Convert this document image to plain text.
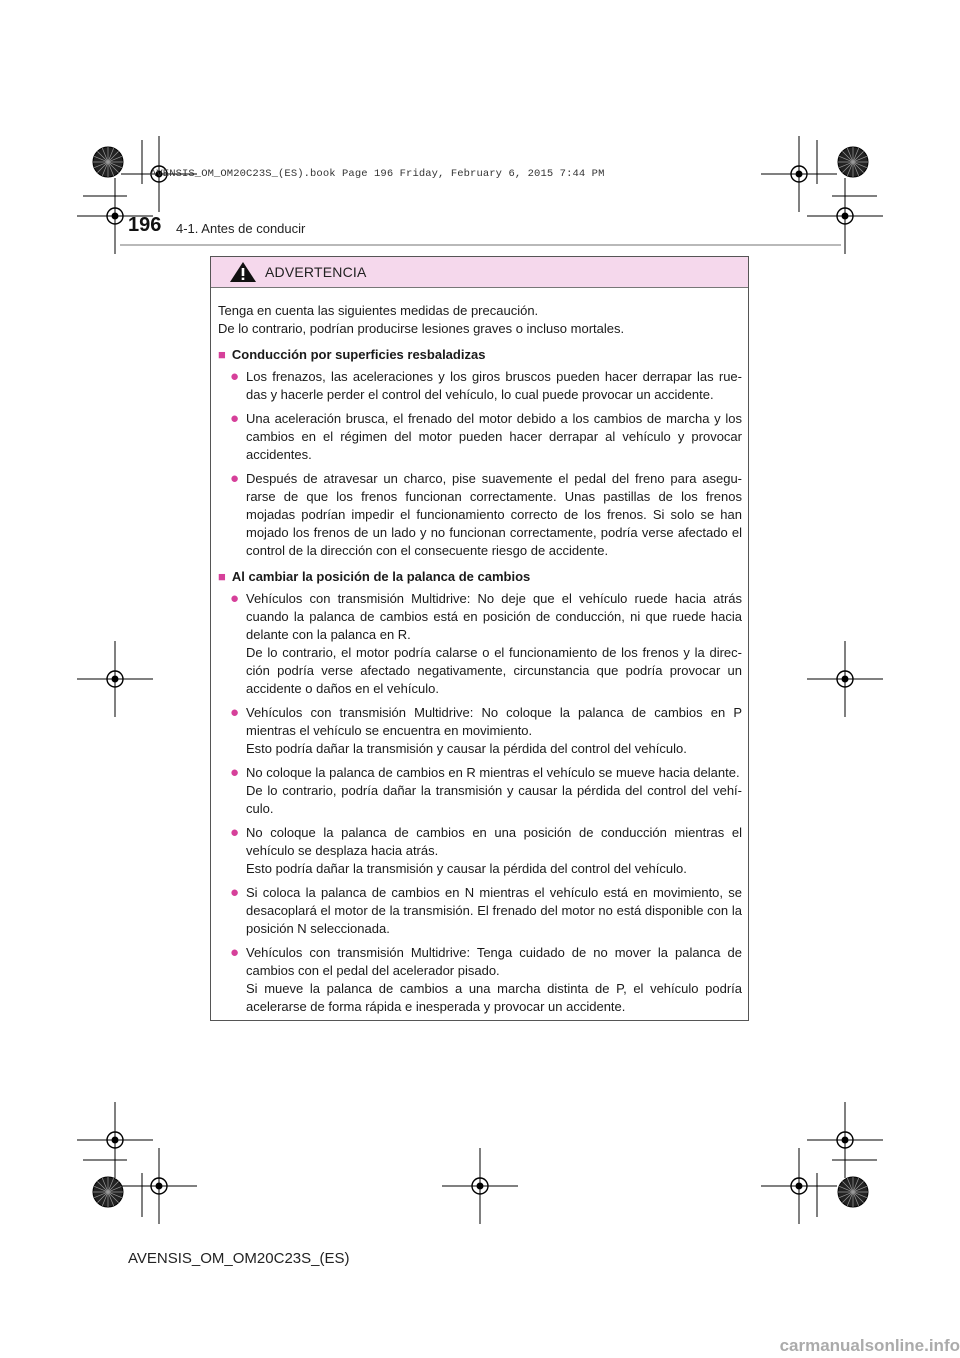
AVENSIS_OM_OM20C23S_(ES).book Page 196 Friday, February 6, 2015 7:44 PM
196 4-1. Antes de conducir
ADVERTENCIA

Tenga en cuenta las siguientes medidas de precaución.

De lo contrario, podrían producirse lesiones graves o incluso mortales.

■ Conducción por superficies resbaladizas
● Los frenazos, las aceleraciones y los giros bruscos pueden hacer derrapar las rue-das y hacerle perder el control del vehículo, lo cual puede provocar un accidente.
● Una aceleración brusca, el frenado del motor debido a los cambios de marcha y los cambios en el régimen del motor pueden hacer derrapar al vehículo y provocar accidentes.
● Después de atravesar un charco, pise suavemente el pedal del freno para asegu-rarse de que los frenos funcionan correctamente. Unas pastillas de los frenos mojadas podrían impedir el funcionamiento correcto de los frenos. Si solo se han mojado los frenos de un lado y no funcionan correctamente, podría verse afectado el control de la dirección con el consecuente riesgo de accidente.
■ Al cambiar la posición de la palanca de cambios
● Vehículos con transmisión Multidrive: No deje que el vehículo ruede hacia atrás cuando la palanca de cambios está en posición de conducción, ni que ruede hacia delante con la palanca en R.
De lo contrario, el motor podría calarse o el funcionamiento de los frenos y la direc-ción podría verse afectado negativamente, circunstancia que podría provocar un accidente o daños en el vehículo.
● Vehículos con transmisión Multidrive: No coloque la palanca de cambios en P mientras el vehículo se encuentra en movimiento.
Esto podría dañar la transmisión y causar la pérdida del control del vehículo.
● No coloque la palanca de cambios en R mientras el vehículo se mueve hacia delante.
De lo contrario, podría dañar la transmisión y causar la pérdida del control del vehí-culo.
● No coloque la palanca de cambios en una posición de conducción mientras el vehículo se desplaza hacia atrás.
Esto podría dañar la transmisión y causar la pérdida del control del vehículo.
● Si coloca la palanca de cambios en N mientras el vehículo está en movimiento, se desacoplará el motor de la transmisión. El frenado del motor no está disponible con la posición N seleccionada.
● Vehículos con transmisión Multidrive: Tenga cuidado de no mover la palanca de cambios con el pedal del acelerador pisado.
Si mueve la palanca de cambios a una marcha distinta de P, el vehículo podría acelerarse de forma rápida e inesperada y provocar un accidente.
AVENSIS_OM_OM20C23S_(ES)
carmanualsonline.info
